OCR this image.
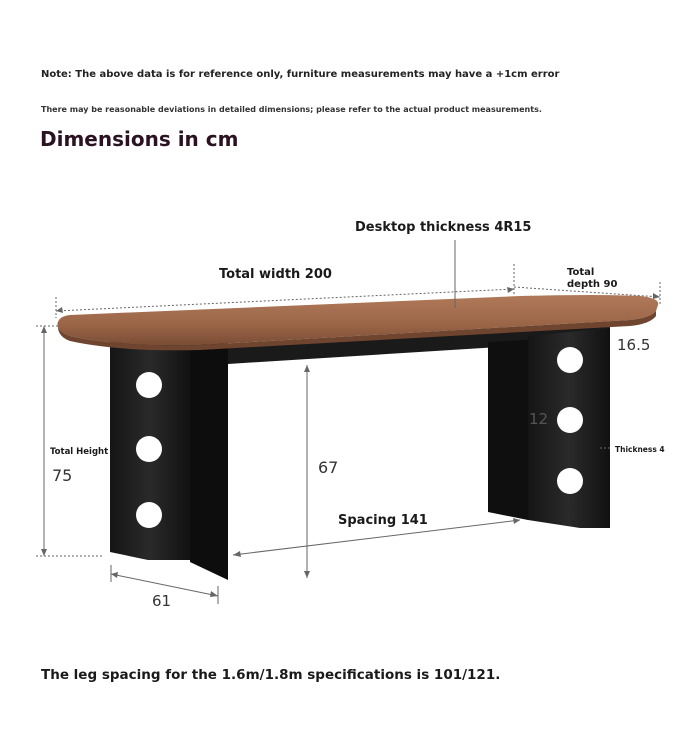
Note: The above data is for reference only, furniture measurements may have a +1cm error
There may be reasonable deviations in detailed dimensions; please refer to the actual product measurements.
Dimensions in cm
Desktop thickness 4R15
Total width 200	Total
depth 90
16.5
Total Height
75	67
12
Thickness 4
Spacing 141
61
The leg spacing for the 1.6m/1.8m specifications is 101/121.
